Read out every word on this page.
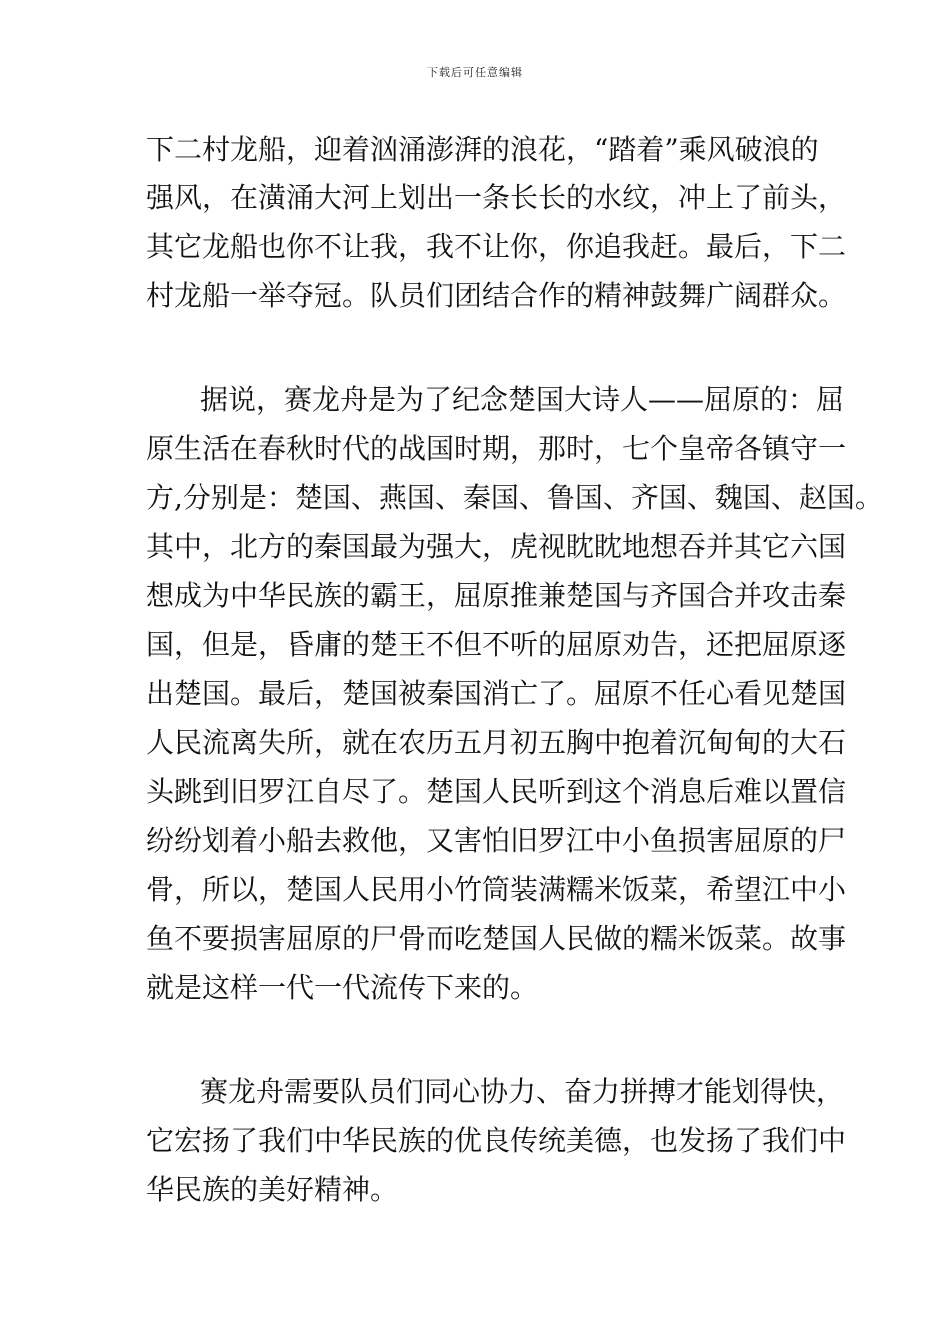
下载后可任意编辑
下二村龙船，迎着汹涌澎湃的浪花，“踏着”乘风破浪的
强风，在潢涌大河上划出一条长长的水纹，冲上了前头，
其它龙船也你不让我，我不让你，你追我赶。最后，下二
村龙船一举夺冠。队员们团结合作的精神鼓舞广阔群众。
据说，赛龙舟是为了纪念楚国大诗人——屈原的：屈
原生活在春秋时代的战国时期，那时，七个皇帝各镇守一
方,分别是：楚国、燕国、秦国、鲁国、齐国、魏国、赵国。
其中，北方的秦国最为强大，虎视眈眈地想吞并其它六国
想成为中华民族的霸王，屈原推兼楚国与齐国合并攻击秦
国，但是，昏庸的楚王不但不听的屈原劝告，还把屈原逐
出楚国。最后，楚国被秦国消亡了。屈原不任心看见楚国
人民流离失所，就在农历五月初五胸中抱着沉甸甸的大石
头跳到旧罗江自尽了。楚国人民听到这个消息后难以置信
纷纷划着小船去救他，又害怕旧罗江中小鱼损害屈原的尸
骨，所以，楚国人民用小竹筒装满糯米饭菜，希望江中小
鱼不要损害屈原的尸骨而吃楚国人民做的糯米饭菜。故事
就是这样一代一代流传下来的。
赛龙舟需要队员们同心协力、奋力拼搏才能划得快，
它宏扬了我们中华民族的优良传统美德，也发扬了我们中
华民族的美好精神。
